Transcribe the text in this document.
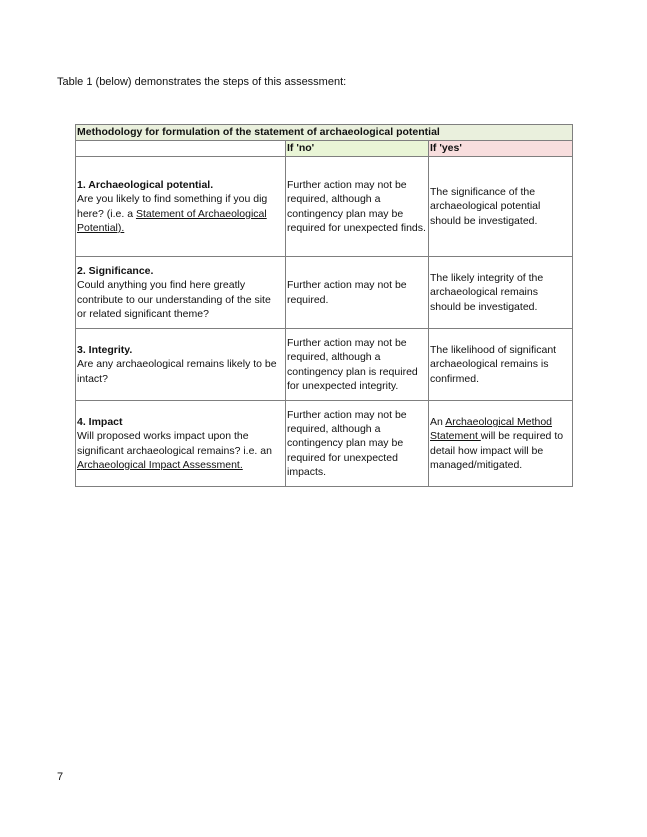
Table 1 (below) demonstrates the steps of this assessment:
Methodology for formulation of the statement of archaeological potential		
	If 'no'	If 'yes'

1. Archaeological potential.
Are you likely to find something if you dig here? (i.e. a Statement of Archaeological Potential).	Further action may not be required, although a contingency plan may be required for unexpected finds.	The significance of the archaeological potential should be investigated.

2. Significance.
Could anything you find here greatly contribute to our understanding of the site or related significant theme?	Further action may not be required.	The likely integrity of the archaeological remains should be investigated.

3. Integrity.
Are any archaeological remains likely to be intact?	Further action may not be required, although a contingency plan is required for unexpected integrity.	The likelihood of significant archaeological remains is confirmed.

4. Impact
Will proposed works impact upon the significant archaeological remains? i.e. an Archaeological Impact Assessment.	Further action may not be required, although a contingency plan may be required for unexpected impacts.	An Archaeological Method Statement will be required to detail how impact will be managed/mitigated.
7
